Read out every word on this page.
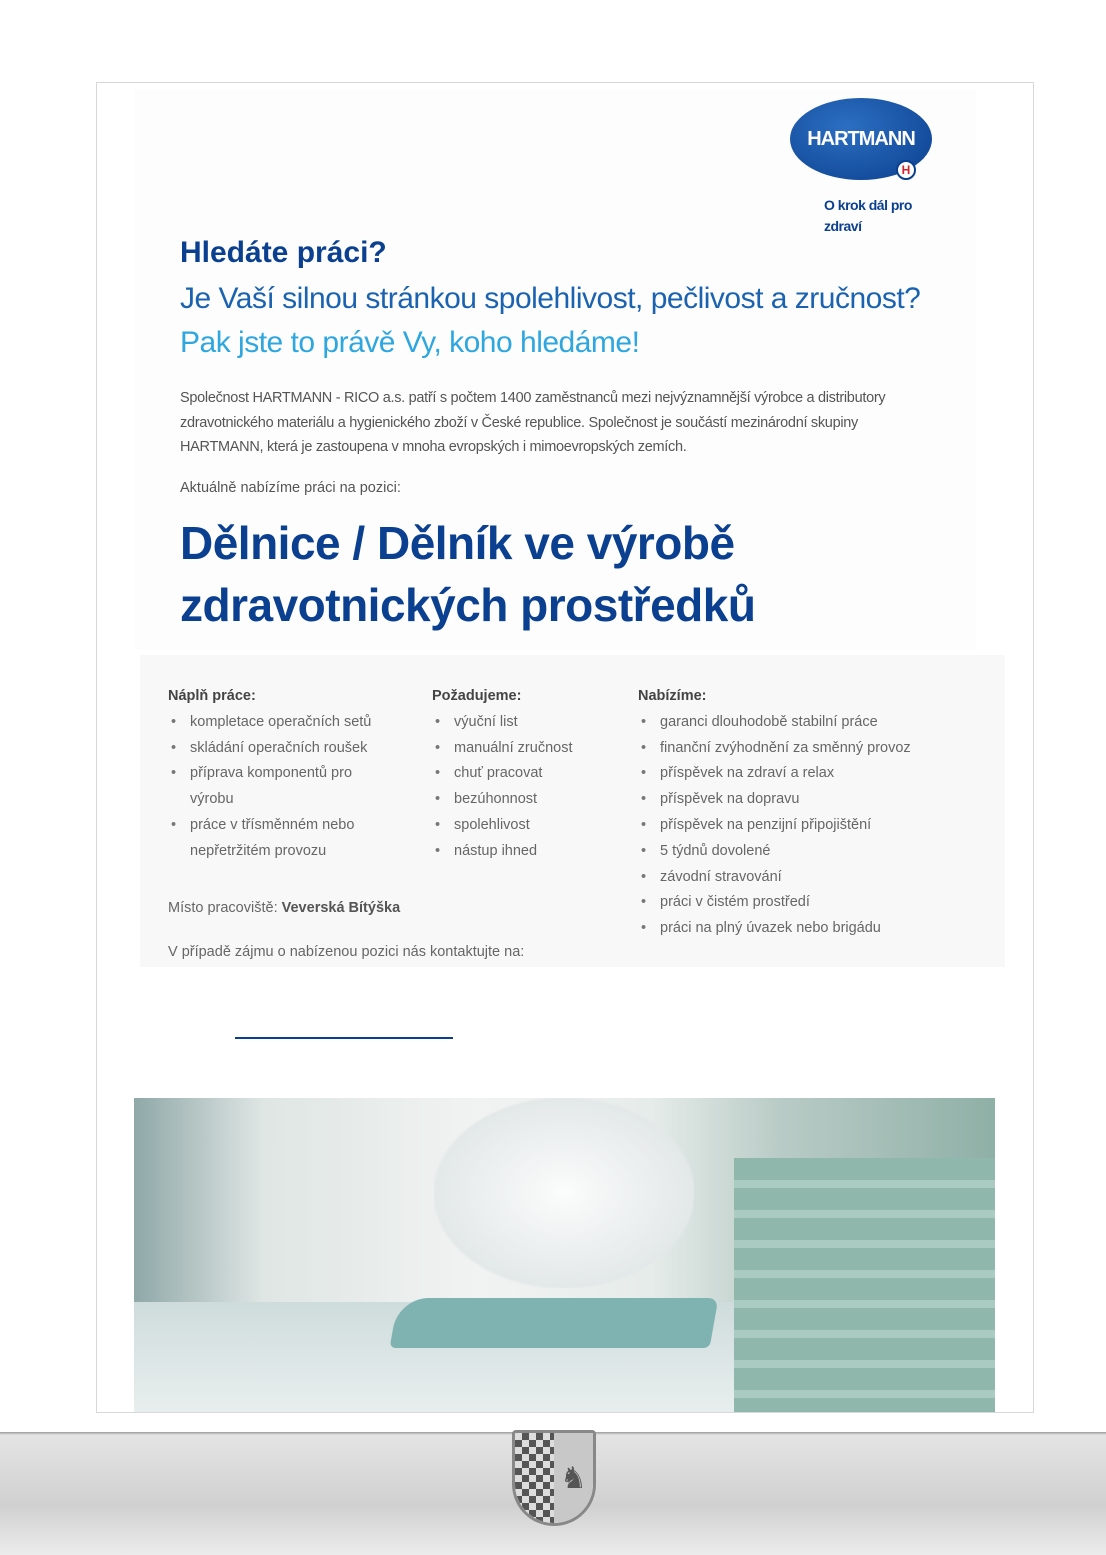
HARTMANN
H
O krok dál pro zdraví
Hledáte práci?
Je Vaší silnou stránkou spolehlivost, pečlivost a zručnost?
Pak jste to právě Vy, koho hledáme!
Společnost HARTMANN - RICO a.s. patří s počtem 1400 zaměstnanců mezi nejvýznamnější výrobce a distributory zdravotnického materiálu a hygienického zboží v České republice. Společnost je součástí mezinárodní skupiny HARTMANN, která je zastoupena v mnoha evropských i mimoevropských zemích.
Aktuálně nabízíme práci na pozici:
Dělnice / Dělník ve výrobě
zdravotnických prostředků
Náplň práce:
• kompletace operačních setů
• skládání operačních roušek
• příprava komponentů pro výrobu
• práce v třísměnném nebo nepřetržitém provozu
Požadujeme:
• výuční list
• manuální zručnost
• chuť pracovat
• bezúhonnost
• spolehlivost
• nástup ihned
Nabízíme:
• garanci dlouhodobě stabilní práce
• finanční zvýhodnění za směnný provoz
• příspěvek na zdraví a relax
• příspěvek na dopravu
• příspěvek na penzijní připojištění
• 5 týdnů dovolené
• závodní stravování
• práci v čistém prostředí
• práci na plný úvazek nebo brigádu
Místo pracoviště: Veverská Bítýška
V případě zájmu o nabízenou pozici nás kontaktujte na:
♞
